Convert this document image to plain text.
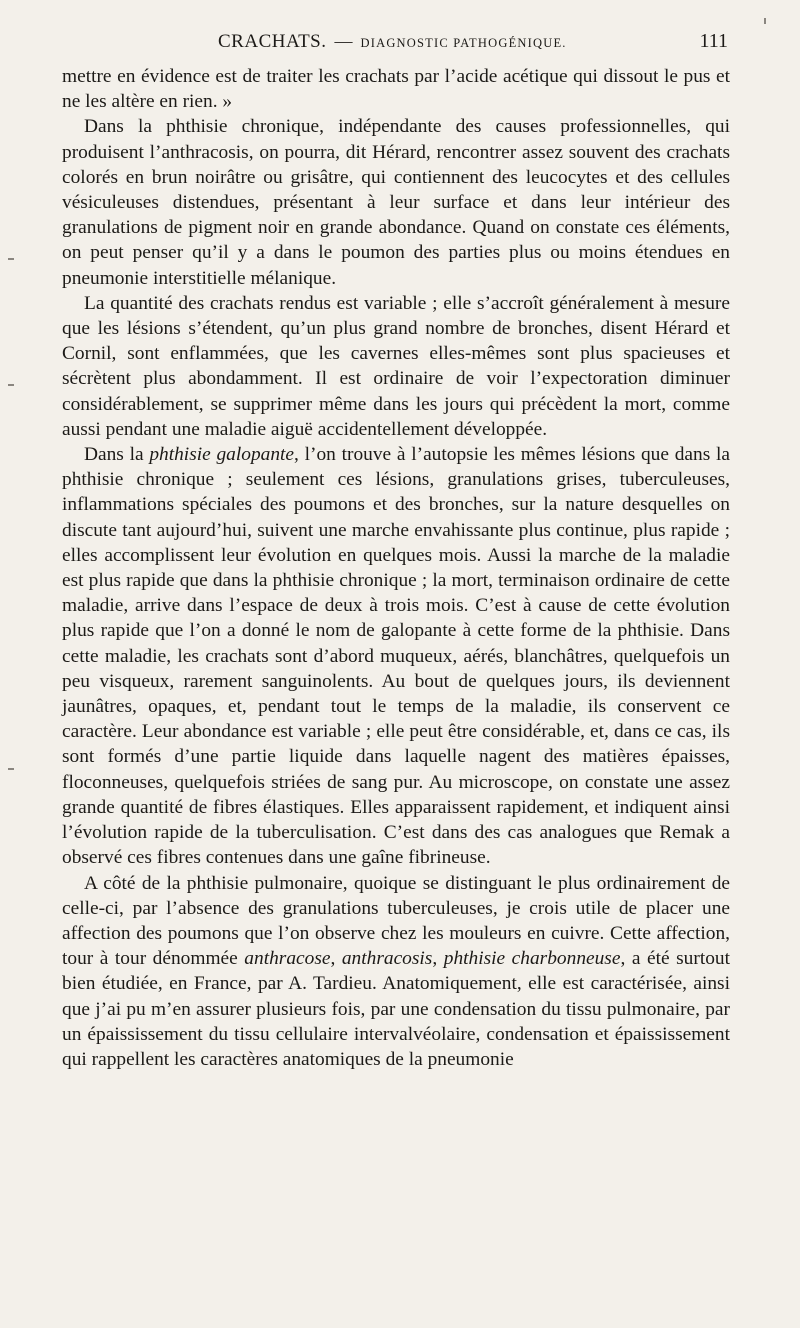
CRACHATS. — DIAGNOSTIC PATHOGÉNIQUE.	111

mettre en évidence est de traiter les crachats par l’acide acétique qui dissout le pus et ne les altère en rien. »

Dans la phthisie chronique, indépendante des causes professionnelles, qui produisent l’anthracosis, on pourra, dit Hérard, rencontrer assez souvent des crachats colorés en brun noirâtre ou grisâtre, qui contiennent des leucocytes et des cellules vésiculeuses distendues, présentant à leur surface et dans leur intérieur des granulations de pigment noir en grande abondance. Quand on constate ces éléments, on peut penser qu’il y a dans le poumon des parties plus ou moins étendues en pneumonie interstitielle mélanique.

La quantité des crachats rendus est variable ; elle s’accroît généralement à mesure que les lésions s’étendent, qu’un plus grand nombre de bronches, disent Hérard et Cornil, sont enflammées, que les cavernes elles-mêmes sont plus spacieuses et sécrètent plus abondamment. Il est ordinaire de voir l’expectoration diminuer considérablement, se supprimer même dans les jours qui précèdent la mort, comme aussi pendant une maladie aiguë accidentellement développée.

Dans la phthisie galopante, l’on trouve à l’autopsie les mêmes lésions que dans la phthisie chronique ; seulement ces lésions, granulations grises, tuberculeuses, inflammations spéciales des poumons et des bronches, sur la nature desquelles on discute tant aujourd’hui, suivent une marche envahissante plus continue, plus rapide ; elles accomplissent leur évolution en quelques mois. Aussi la marche de la maladie est plus rapide que dans la phthisie chronique ; la mort, terminaison ordinaire de cette maladie, arrive dans l’espace de deux à trois mois. C’est à cause de cette évolution plus rapide que l’on a donné le nom de galopante à cette forme de la phthisie. Dans cette maladie, les crachats sont d’abord muqueux, aérés, blanchâtres, quelquefois un peu visqueux, rarement sanguinolents. Au bout de quelques jours, ils deviennent jaunâtres, opaques, et, pendant tout le temps de la maladie, ils conservent ce caractère. Leur abondance est variable ; elle peut être considérable, et, dans ce cas, ils sont formés d’une partie liquide dans laquelle nagent des matières épaisses, floconneuses, quelquefois striées de sang pur. Au microscope, on constate une assez grande quantité de fibres élastiques. Elles apparaissent rapidement, et indiquent ainsi l’évolution rapide de la tuberculisation. C’est dans des cas analogues que Remak a observé ces fibres contenues dans une gaîne fibrineuse.

A côté de la phthisie pulmonaire, quoique se distinguant le plus ordinairement de celle-ci, par l’absence des granulations tuberculeuses, je crois utile de placer une affection des poumons que l’on observe chez les mouleurs en cuivre. Cette affection, tour à tour dénommée anthracose, anthracosis, phthisie charbonneuse, a été surtout bien étudiée, en France, par A. Tardieu. Anatomiquement, elle est caractérisée, ainsi que j’ai pu m’en assurer plusieurs fois, par une condensation du tissu pulmonaire, par un épaississement du tissu cellulaire intervalvéolaire, condensation et épaississement qui rappellent les caractères anatomiques de la pneumonie
